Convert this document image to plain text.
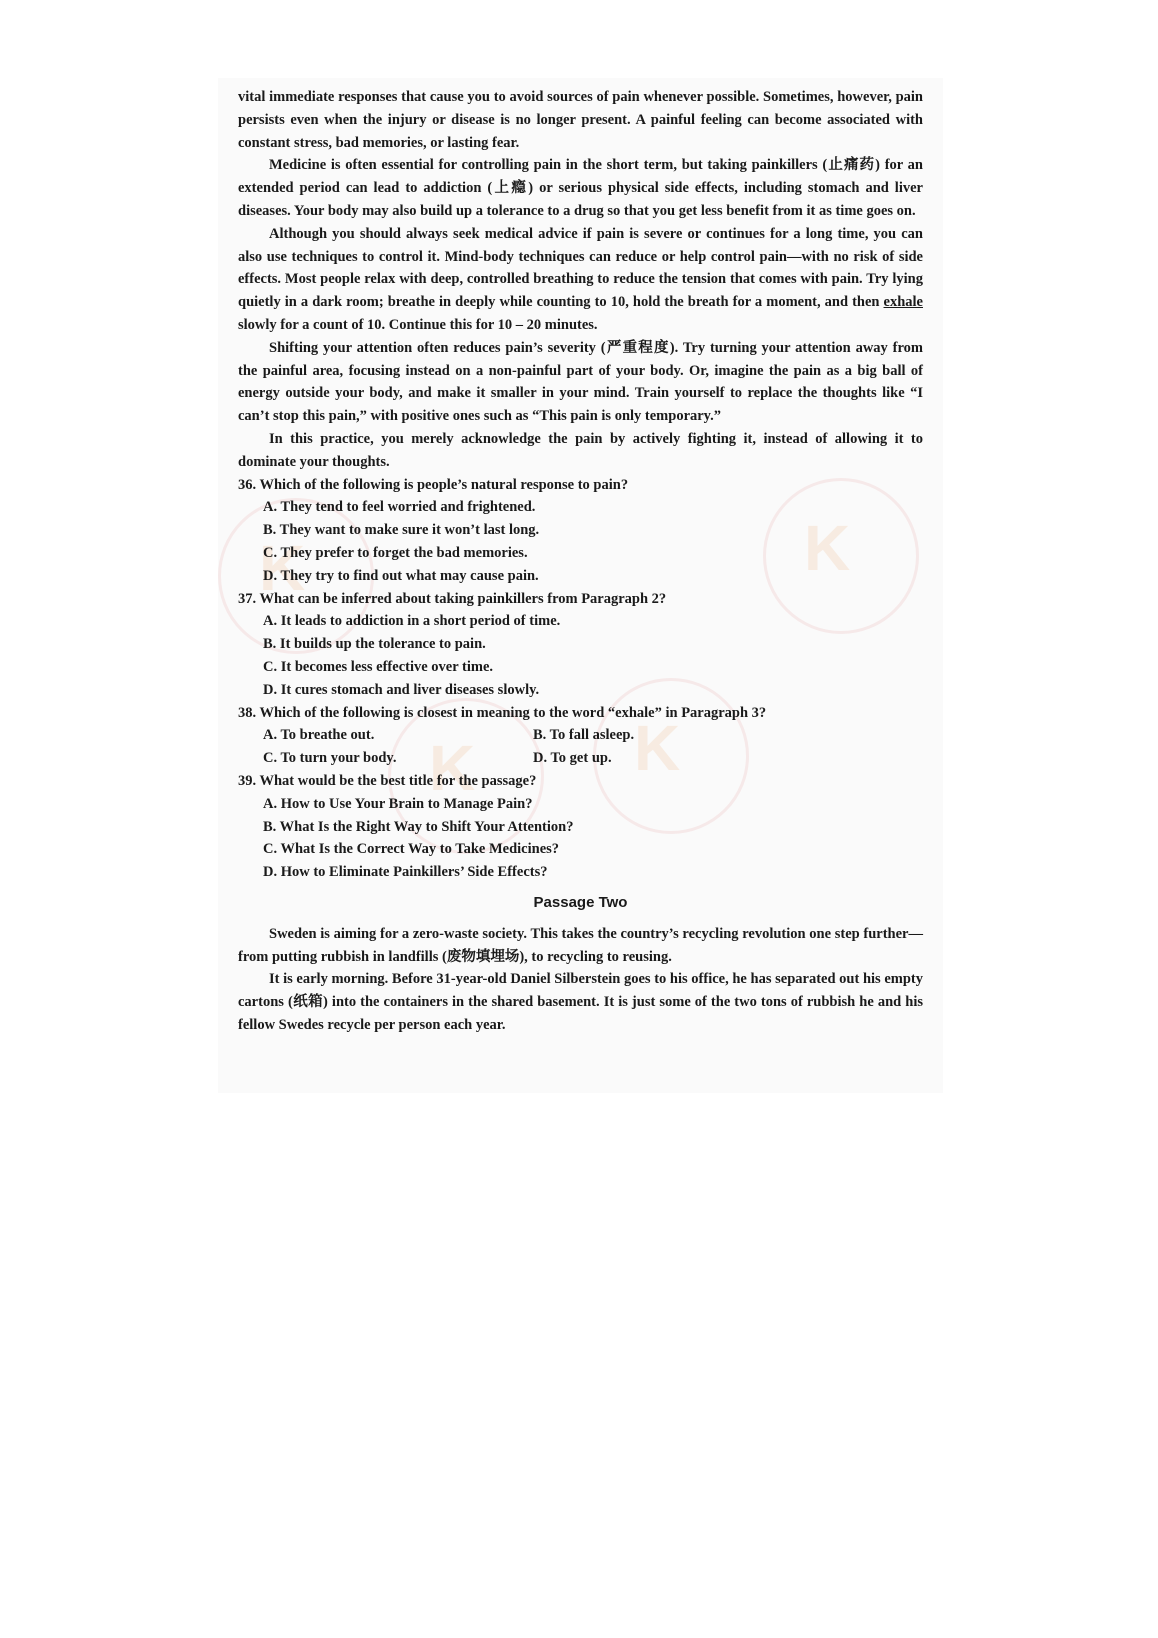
K
K
K
K

vital immediate responses that cause you to avoid sources of pain whenever possible. Sometimes, however, pain persists even when the injury or disease is no longer present. A painful feeling can become associated with constant stress, bad memories, or lasting fear.

Medicine is often essential for controlling pain in the short term, but taking painkillers (止痛药) for an extended period can lead to addiction (上瘾) or serious physical side effects, including stomach and liver diseases. Your body may also build up a tolerance to a drug so that you get less benefit from it as time goes on.

Although you should always seek medical advice if pain is severe or continues for a long time, you can also use techniques to control it. Mind-body techniques can reduce or help control pain—with no risk of side effects. Most people relax with deep, controlled breathing to reduce the tension that comes with pain. Try lying quietly in a dark room; breathe in deeply while counting to 10, hold the breath for a moment, and then exhale slowly for a count of 10. Continue this for 10 – 20 minutes.

Shifting your attention often reduces pain’s severity (严重程度). Try turning your attention away from the painful area, focusing instead on a non-painful part of your body. Or, imagine the pain as a big ball of energy outside your body, and make it smaller in your mind. Train yourself to replace the thoughts like “I can’t stop this pain,” with positive ones such as “This pain is only temporary.”

In this practice, you merely acknowledge the pain by actively fighting it, instead of allowing it to dominate your thoughts.

36. Which of the following is people’s natural response to pain?

A. They tend to feel worried and frightened.
B. They want to make sure it won’t last long.
C. They prefer to forget the bad memories.
D. They try to find out what may cause pain.

37. What can be inferred about taking painkillers from Paragraph 2?

A. It leads to addiction in a short period of time.
B. It builds up the tolerance to pain.
C. It becomes less effective over time.
D. It cures stomach and liver diseases slowly.

38. Which of the following is closest in meaning to the word “exhale” in Paragraph 3?

A. To breathe out.	B. To fall asleep.
C. To turn your body.	D. To get up.

39. What would be the best title for the passage?

A. How to Use Your Brain to Manage Pain?
B. What Is the Right Way to Shift Your Attention?
C. What Is the Correct Way to Take Medicines?
D. How to Eliminate Painkillers’ Side Effects?
Passage Two

Sweden is aiming for a zero-waste society. This takes the country’s recycling revolution one step further—from putting rubbish in landfills (废物填埋场), to recycling to reusing.

It is early morning. Before 31-year-old Daniel Silberstein goes to his office, he has separated out his empty cartons (纸箱) into the containers in the shared basement. It is just some of the two tons of rubbish he and his fellow Swedes recycle per person each year.
